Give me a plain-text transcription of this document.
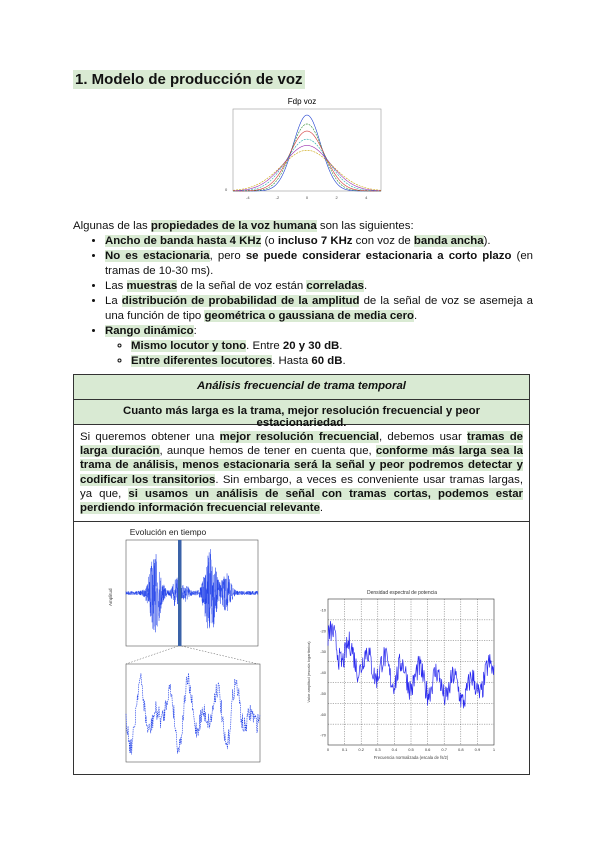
1. Modelo de producción de voz
Fdp voz
-4	-2	0	2	4
0
Algunas de las propiedades de la voz humana son las siguientes:
• Ancho de banda hasta 4 KHz (o incluso 7 KHz con voz de banda ancha).
• No es estacionaria, pero se puede considerar estacionaria a corto plazo (en tramas de 10-30 ms).
• Las muestras de la señal de voz están correladas.
• La distribución de probabilidad de la amplitud de la señal de voz se asemeja a una función de tipo geométrica o gaussiana de media cero.
• Rango dinámico:
◦ Mismo locutor y tono. Entre 20 y 30 dB.
◦ Entre diferentes locutores. Hasta 60 dB.
Análisis frecuencial de trama temporal
Cuanto más larga es la trama, mejor resolución frecuencial y peor estacionariedad.
Si queremos obtener una mejor resolución frecuencial, debemos usar tramas de larga duración, aunque hemos de tener en cuenta que, conforme más larga sea la trama de análisis, menos estacionaria será la señal y peor podremos detectar y codificar los transitorios. Sin embargo, a veces es conveniente usar tramas largas, ya que, si usamos un análisis de señal con tramas cortas, podemos estar perdiendo información frecuencial relevante.
Evolución en tiempo
Amplitud	Densidad espectral de potencia
-10
-20
-30
-40
-50
-60
-70
0	0.1	0.2	0.3	0.4	0.5	0.6	0.7	0.8	0.9	1
Valor amplitud (escala logarítmica)
Frecuencia normalizada (escala de fs/2)
